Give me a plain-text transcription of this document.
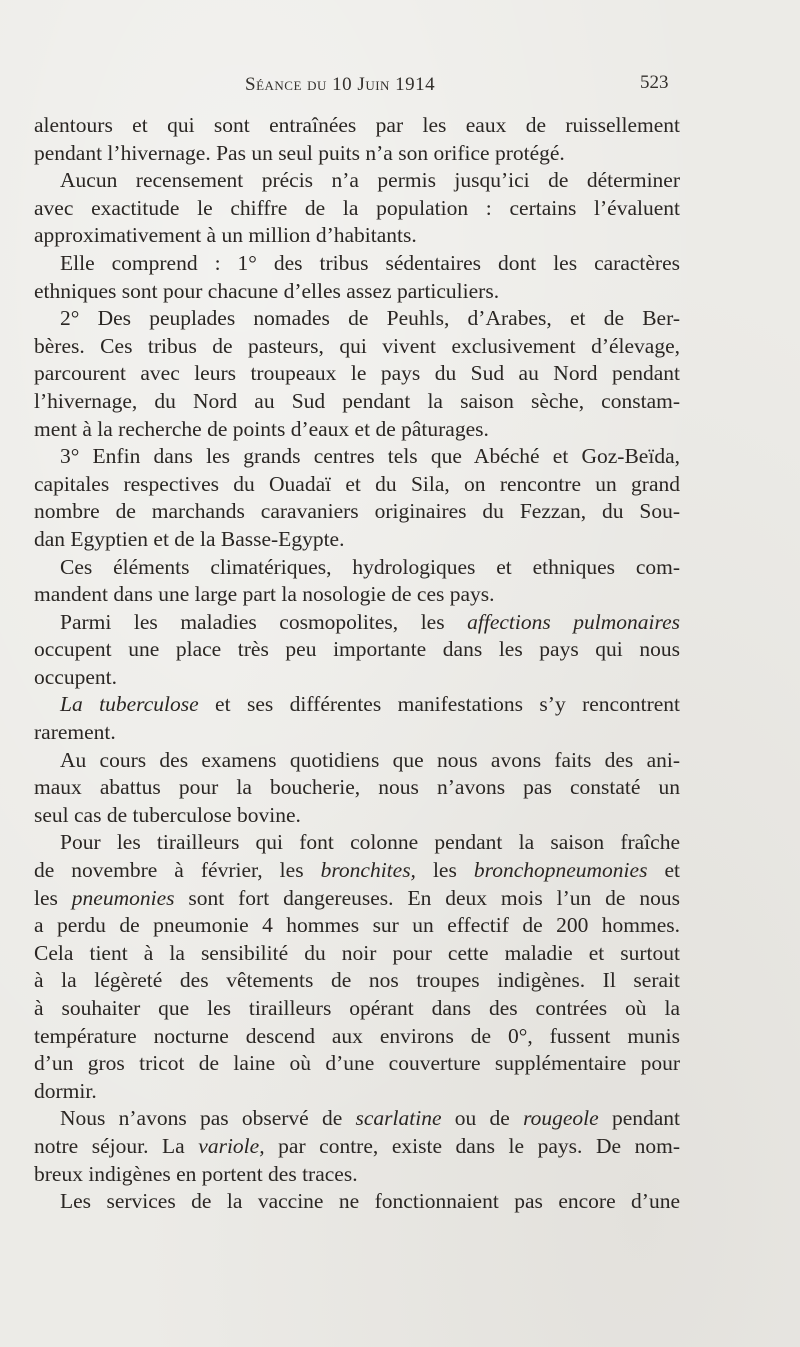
Séance du 10 Juin 1914	523

alentours et qui sont entraînées par les eaux de ruissellement

pendant l’hivernage. Pas un seul puits n’a son orifice protégé.

Aucun recensement précis n’a permis jusqu’ici de déterminer

avec exactitude le chiffre de la population : certains l’évaluent

approximativement à un million d’habitants.

Elle comprend : 1° des tribus sédentaires dont les caractères

ethniques sont pour chacune d’elles assez particuliers.

2° Des peuplades nomades de Peuhls, d’Arabes, et de Ber-

bères. Ces tribus de pasteurs, qui vivent exclusivement d’élevage,

parcourent avec leurs troupeaux le pays du Sud au Nord pendant

l’hivernage, du Nord au Sud pendant la saison sèche, constam-

ment à la recherche de points d’eaux et de pâturages.

3° Enfin dans les grands centres tels que Abéché et Goz-Beïda,

capitales respectives du Ouadaï et du Sila, on rencontre un grand

nombre de marchands caravaniers originaires du Fezzan, du Sou-

dan Egyptien et de la Basse-Egypte.

Ces éléments climatériques, hydrologiques et ethniques com-

mandent dans une large part la nosologie de ces pays.

Parmi les maladies cosmopolites, les affections pulmonaires

occupent une place très peu importante dans les pays qui nous

occupent.

La tuberculose et ses différentes manifestations s’y rencontrent

rarement.

Au cours des examens quotidiens que nous avons faits des ani-

maux abattus pour la boucherie, nous n’avons pas constaté un

seul cas de tuberculose bovine.

Pour les tirailleurs qui font colonne pendant la saison fraîche

de novembre à février, les bronchites, les bronchopneumonies et

les pneumonies sont fort dangereuses. En deux mois l’un de nous

a perdu de pneumonie 4 hommes sur un effectif de 200 hommes.

Cela tient à la sensibilité du noir pour cette maladie et surtout

à la légèreté des vêtements de nos troupes indigènes. Il serait

à souhaiter que les tirailleurs opérant dans des contrées où la

température nocturne descend aux environs de 0°, fussent munis

d’un gros tricot de laine où d’une couverture supplémentaire pour

dormir.

Nous n’avons pas observé de scarlatine ou de rougeole pendant

notre séjour. La variole, par contre, existe dans le pays. De nom-

breux indigènes en portent des traces.

Les services de la vaccine ne fonctionnaient pas encore d’une
